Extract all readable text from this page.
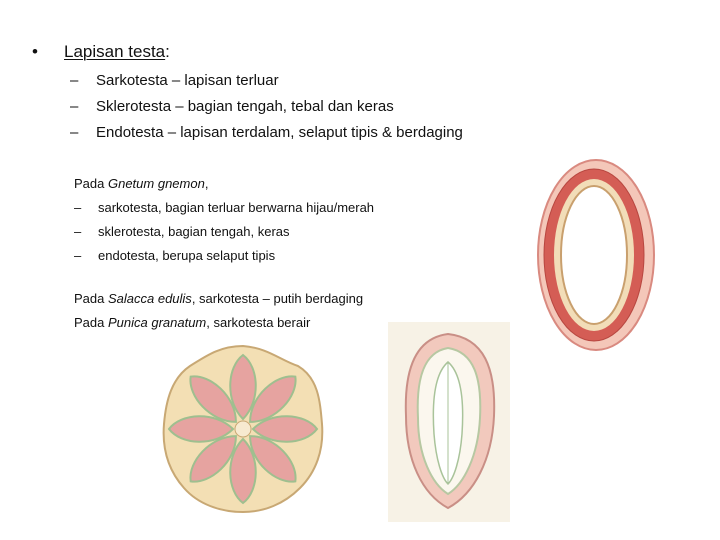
•	Lapisan testa :
–	Sarkotesta – lapisan terluar
–	Sklerotesta – bagian tengah, tebal dan keras
–	Endotesta – lapisan terdalam, selaput tipis & berdaging
Pada Gnetum gnemon,
–	sarkotesta, bagian terluar berwarna hijau/merah
–	sklerotesta, bagian tengah, keras
–	endotesta, berupa selaput tipis
Pada Salacca edulis, sarkotesta – putih berdaging
Pada Punica granatum, sarkotesta berair
